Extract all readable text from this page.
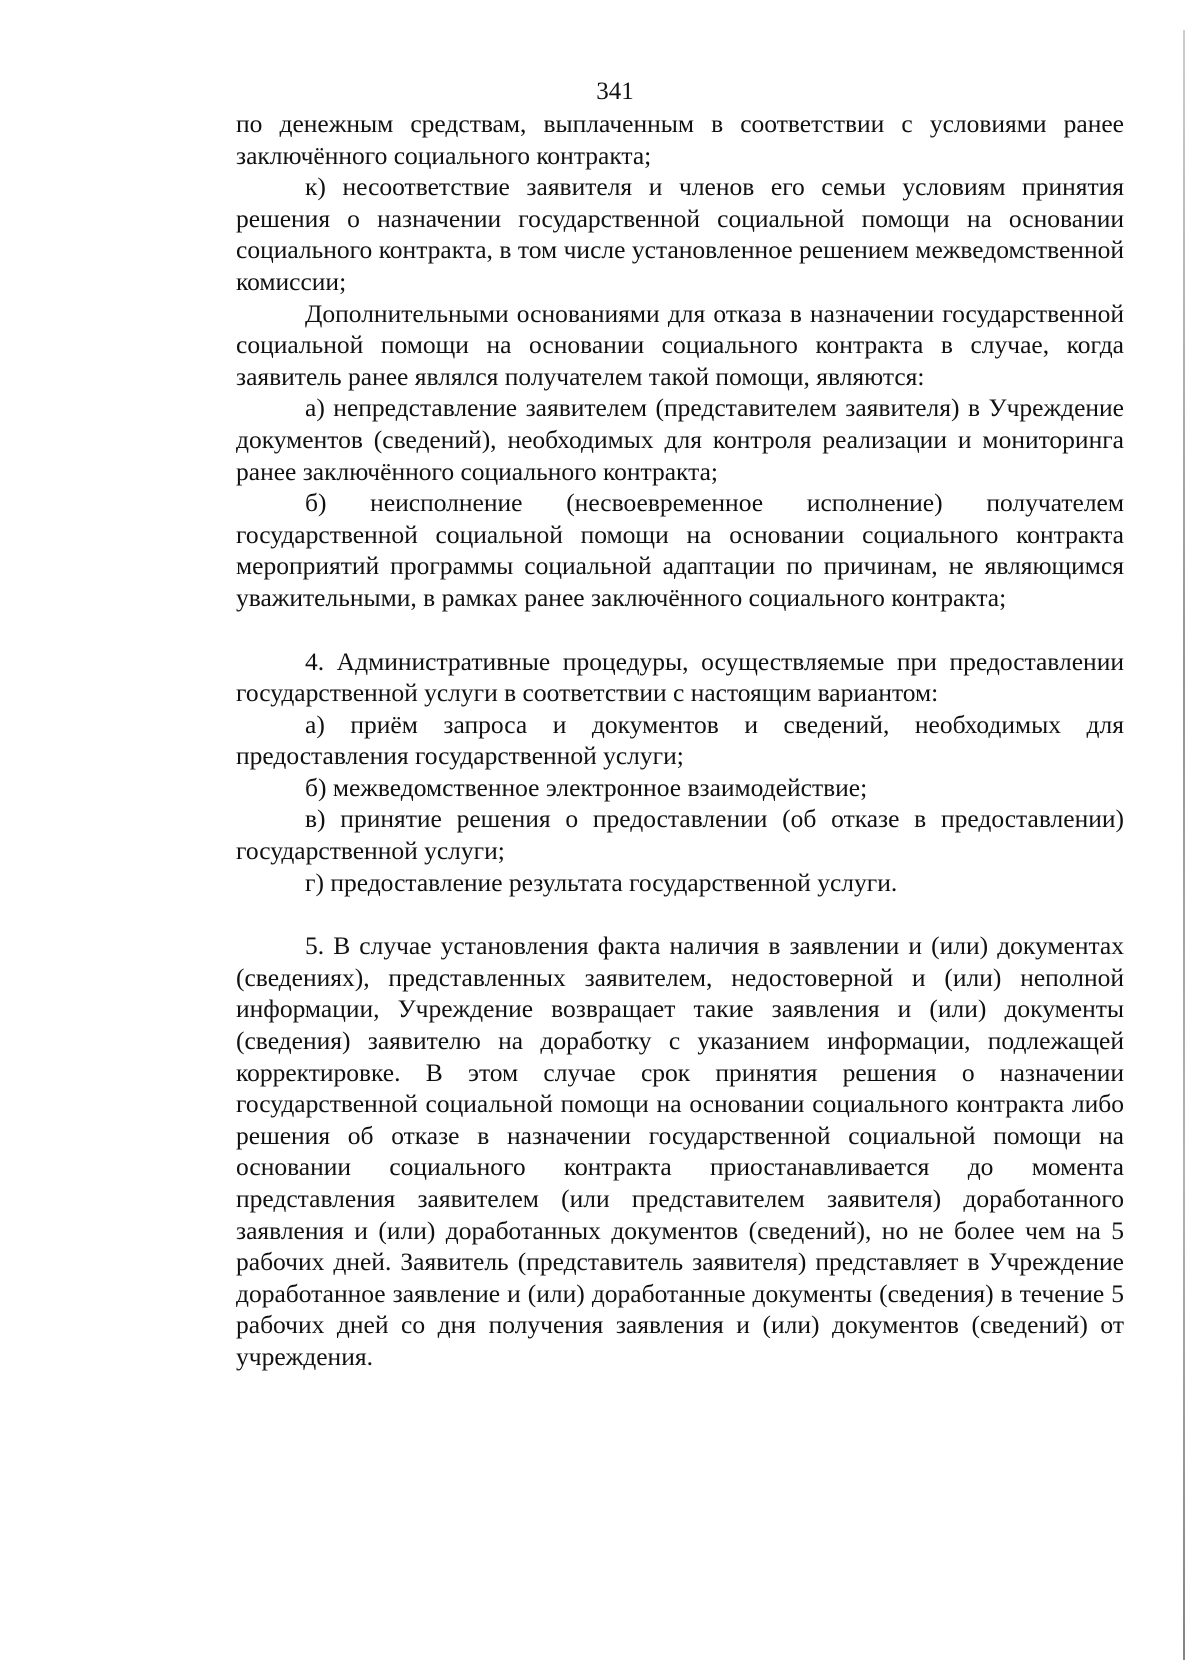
341

по денежным средствам, выплаченным в соответствии с условиями ранее заключённого социального контракта;

к) несоответствие заявителя и членов его семьи условиям принятия решения о назначении государственной социальной помощи на основании социального контракта, в том числе установленное решением межведомственной комиссии;

Дополнительными основаниями для отказа в назначении государственной социальной помощи на основании социального контракта в случае, когда заявитель ранее являлся получателем такой помощи, являются:

а) непредставление заявителем (представителем заявителя) в Учреждение документов (сведений), необходимых для контроля реализации и мониторинга ранее заключённого социального контракта;

б) неисполнение (несвоевременное исполнение) получателем государственной социальной помощи на основании социального контракта мероприятий программы социальной адаптации по причинам, не являющимся уважительными, в рамках ранее заключённого социального контракта;

4. Административные процедуры, осуществляемые при предоставлении государственной услуги в соответствии с настоящим вариантом:

а) приём запроса и документов и сведений, необходимых для предоставления государственной услуги;

б) межведомственное электронное взаимодействие;

в) принятие решения о предоставлении (об отказе в предоставлении) государственной услуги;

г) предоставление результата государственной услуги.

5. В случае установления факта наличия в заявлении и (или) документах (сведениях), представленных заявителем, недостоверной и (или) неполной информации, Учреждение возвращает такие заявления и (или) документы (сведения) заявителю на доработку с указанием информации, подлежащей корректировке. В этом случае срок принятия решения о назначении государственной социальной помощи на основании социального контракта либо решения об отказе в назначении государственной социальной помощи на основании социального контракта приостанавливается до момента представления заявителем (или представителем заявителя) доработанного заявления и (или) доработанных документов (сведений), но не более чем на 5 рабочих дней. Заявитель (представитель заявителя) представляет в Учреждение доработанное заявление и (или) доработанные документы (сведения) в течение 5 рабочих дней со дня получения заявления и (или) документов (сведений) от учреждения.
